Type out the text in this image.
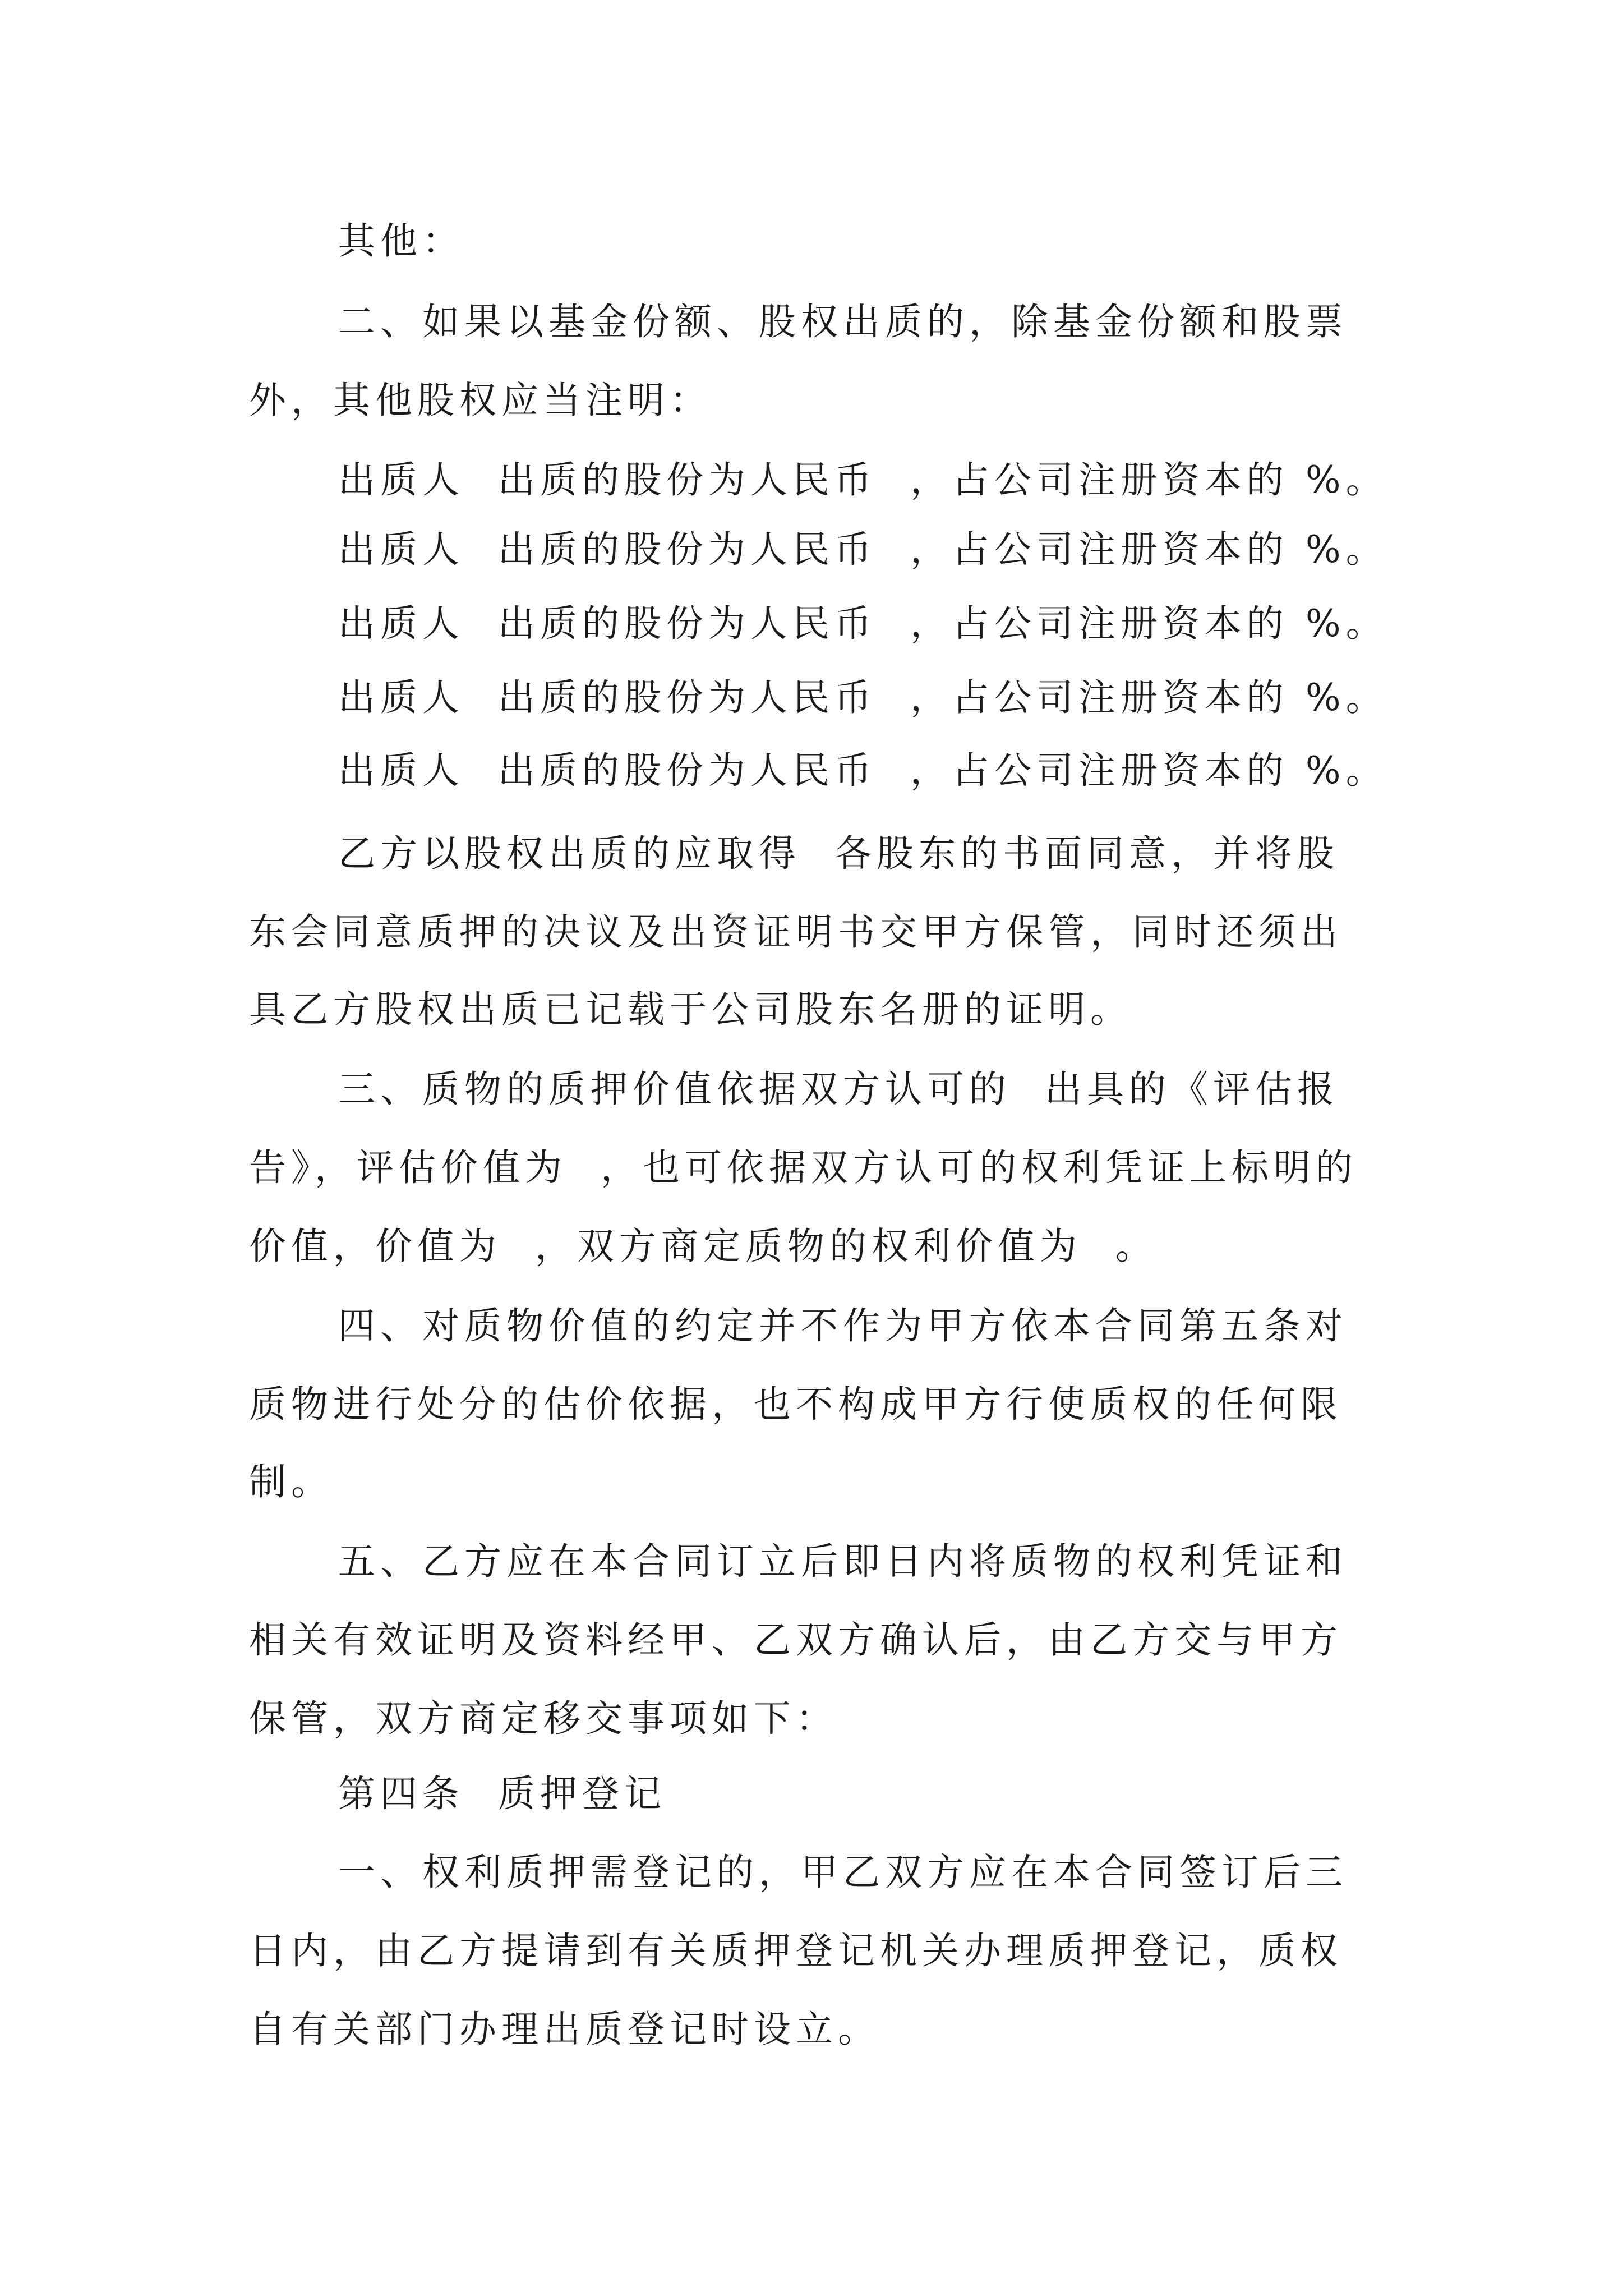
其他：
二、如果以基金份额、股权出质的，除基金份额和股票
外，其他股权应当注明：
出质人  出质的股份为人民币  ，占公司注册资本的 %。
出质人  出质的股份为人民币  ，占公司注册资本的 %。
出质人  出质的股份为人民币  ，占公司注册资本的 %。
出质人  出质的股份为人民币  ，占公司注册资本的 %。
出质人  出质的股份为人民币  ，占公司注册资本的 %。
乙方以股权出质的应取得  各股东的书面同意，并将股
东会同意质押的决议及出资证明书交甲方保管，同时还须出
具乙方股权出质已记载于公司股东名册的证明。
三、质物的质押价值依据双方认可的  出具的《评估报
告》，评估价值为  ，也可依据双方认可的权利凭证上标明的
价值，价值为  ，双方商定质物的权利价值为  。
四、对质物价值的约定并不作为甲方依本合同第五条对
质物进行处分的估价依据，也不构成甲方行使质权的任何限
制。
五、乙方应在本合同订立后即日内将质物的权利凭证和
相关有效证明及资料经甲、乙双方确认后，由乙方交与甲方
保管，双方商定移交事项如下：
第四条  质押登记
一、权利质押需登记的，甲乙双方应在本合同签订后三
日内，由乙方提请到有关质押登记机关办理质押登记，质权
自有关部门办理出质登记时设立。
